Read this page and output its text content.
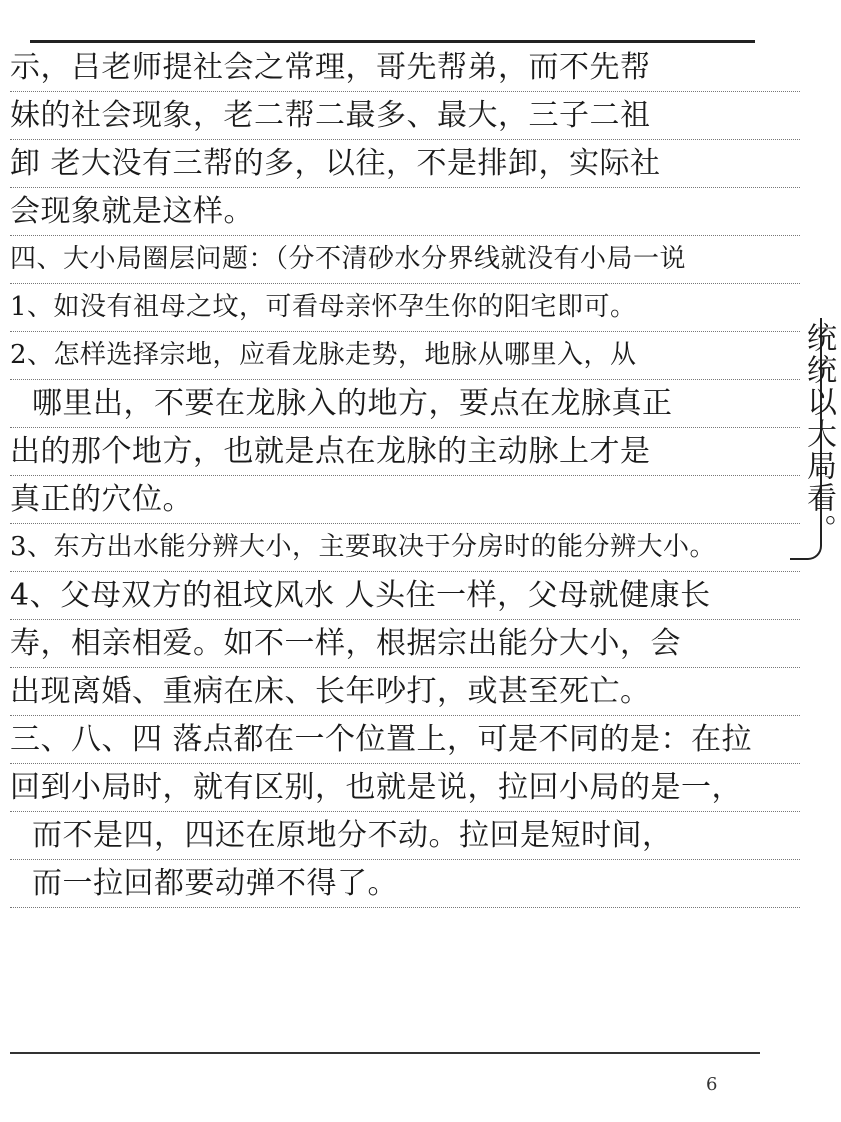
示，吕老师提社会之常理，哥先帮弟，而不先帮
妹的社会现象，老二帮二最多、最大，三子二祖
卸 老大没有三帮的多，以往，不是排卸，实际社
会现象就是这样。
四、大小局圈层问题：（分不清砂水分界线就没有小局一说
1、如没有祖母之坟，可看母亲怀孕生你的阳宅即可。
2、怎样选择宗地，应看龙脉走势，地脉从哪里入，从
哪里出，不要在龙脉入的地方，要点在龙脉真正
出的那个地方，也就是点在龙脉的主动脉上才是
真正的穴位。
3、东方出水能分辨大小，主要取决于分房时的能分辨大小。
4、父母双方的祖坟风水 人头住一样，父母就健康长
寿，相亲相爱。如不一样，根据宗出能分大小，会
出现离婚、重病在床、长年吵打，或甚至死亡。
三、八、四 落点都在一个位置上，可是不同的是：在拉
回到小局时，就有区别，也就是说，拉回小局的是一，
而不是四，四还在原地分不动。拉回是短时间，
而一拉回都要动弹不得了。
统统以大局看。
6
